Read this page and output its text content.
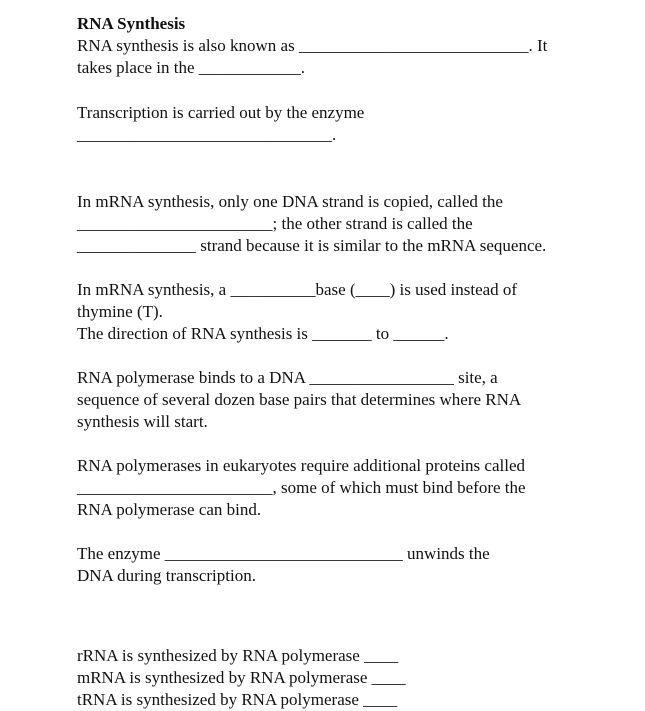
RNA Synthesis
RNA synthesis is also known as ___________________________. It
takes place in the ____________.
Transcription is carried out by the enzyme
______________________________.
In mRNA synthesis, only one DNA strand is copied, called the
_______________________; the other strand is called the
______________ strand because it is similar to the mRNA sequence.
In mRNA synthesis, a __________base (____) is used instead of
thymine (T).
The direction of RNA synthesis is _______ to ______.
RNA polymerase binds to a DNA _________________ site, a
sequence of several dozen base pairs that determines where RNA
synthesis will start.
RNA polymerases in eukaryotes require additional proteins called
_______________________, some of which must bind before the
RNA polymerase can bind.
The enzyme ____________________________ unwinds the
DNA during transcription.
rRNA is synthesized by RNA polymerase ____
mRNA is synthesized by RNA polymerase ____
tRNA is synthesized by RNA polymerase ____
